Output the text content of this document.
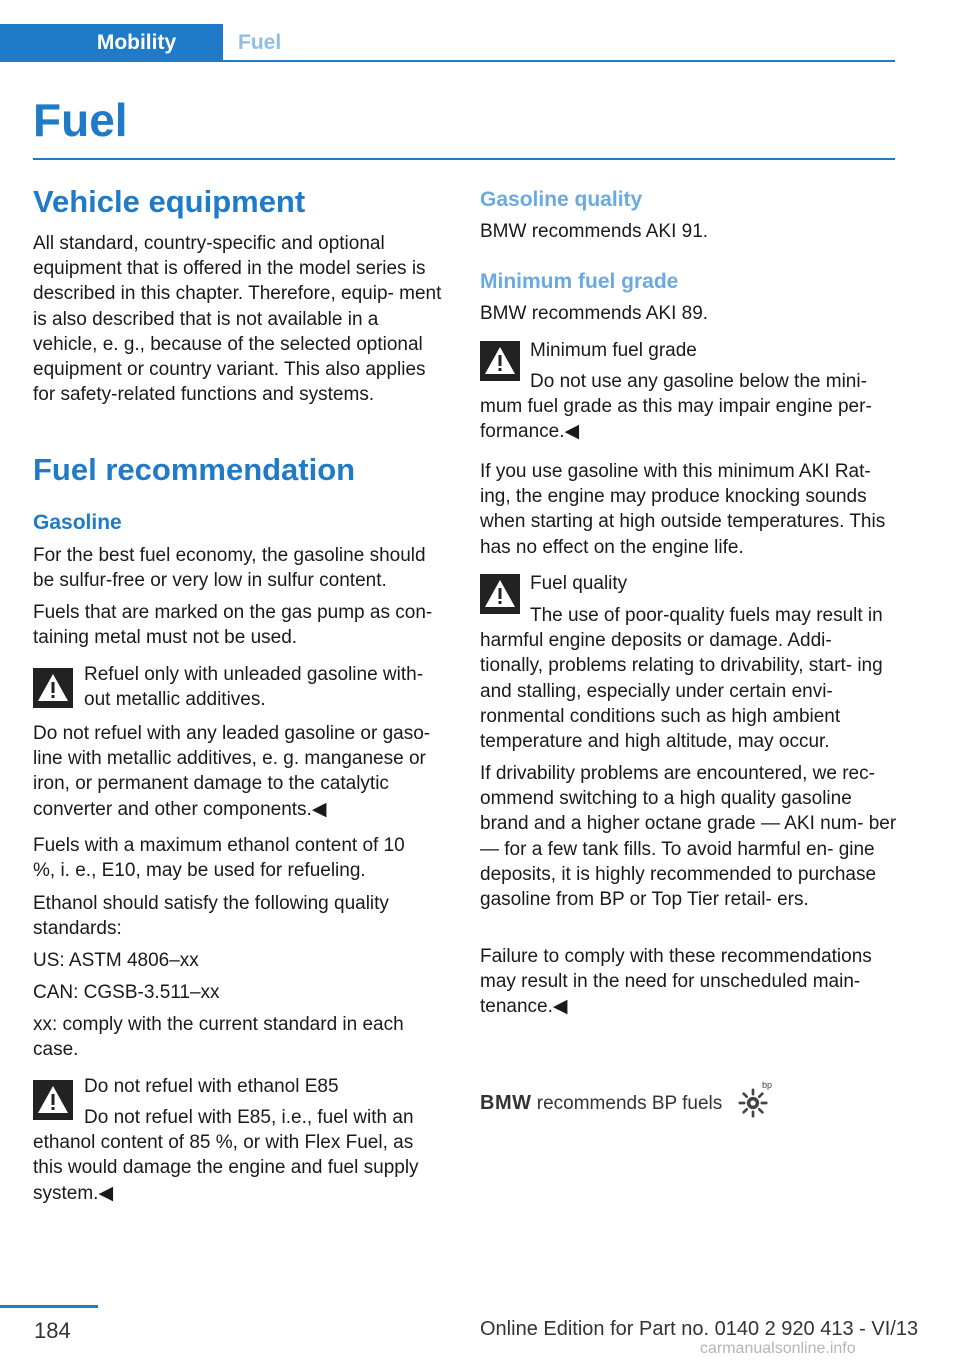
Mobility	Fuel
Fuel
Vehicle equipment
All standard, country-specific and optional equipment that is offered in the model series is described in this chapter. Therefore, equip‐ ment is also described that is not available in a vehicle, e. g., because of the selected optional equipment or country variant. This also applies for safety-related functions and systems.
Fuel recommendation
Gasoline
For the best fuel economy, the gasoline should be sulfur-free or very low in sulfur content.
Fuels that are marked on the gas pump as con‐ taining metal must not be used.
Refuel only with unleaded gasoline with‐ out metallic additives.
Do not refuel with any leaded gasoline or gaso‐ line with metallic additives, e. g. manganese or iron, or permanent damage to the catalytic converter and other components.◀
Fuels with a maximum ethanol content of 10 %, i. e., E10, may be used for refueling.
Ethanol should satisfy the following quality standards:
US: ASTM 4806–xx
CAN: CGSB-3.511–xx
xx: comply with the current standard in each case.
Do not refuel with ethanol E85
Do not refuel with E85, i.e., fuel with an ethanol content of 85 %, or with Flex Fuel, as this would damage the engine and fuel supply system.◀
Gasoline quality
BMW recommends AKI 91.
Minimum fuel grade
BMW recommends AKI 89.
Minimum fuel grade
Do not use any gasoline below the mini‐ mum fuel grade as this may impair engine per‐ formance.◀
If you use gasoline with this minimum AKI Rat‐ ing, the engine may produce knocking sounds when starting at high outside temperatures. This has no effect on the engine life.
Fuel quality
The use of poor-quality fuels may result in harmful engine deposits or damage. Addi‐ tionally, problems relating to drivability, start‐ ing and stalling, especially under certain envi‐ ronmental conditions such as high ambient temperature and high altitude, may occur.
If drivability problems are encountered, we rec‐ ommend switching to a high quality gasoline brand and a higher octane grade — AKI num‐ ber — for a few tank fills. To avoid harmful en‐ gine deposits, it is highly recommended to purchase gasoline from BP or Top Tier retail‐ ers.
Failure to comply with these recommendations may result in the need for unscheduled main‐ tenance.◀
BMW recommends BP fuels
bp
184	Online Edition for Part no. 0140 2 920 413 - VI/13
carmanualsonline.info
